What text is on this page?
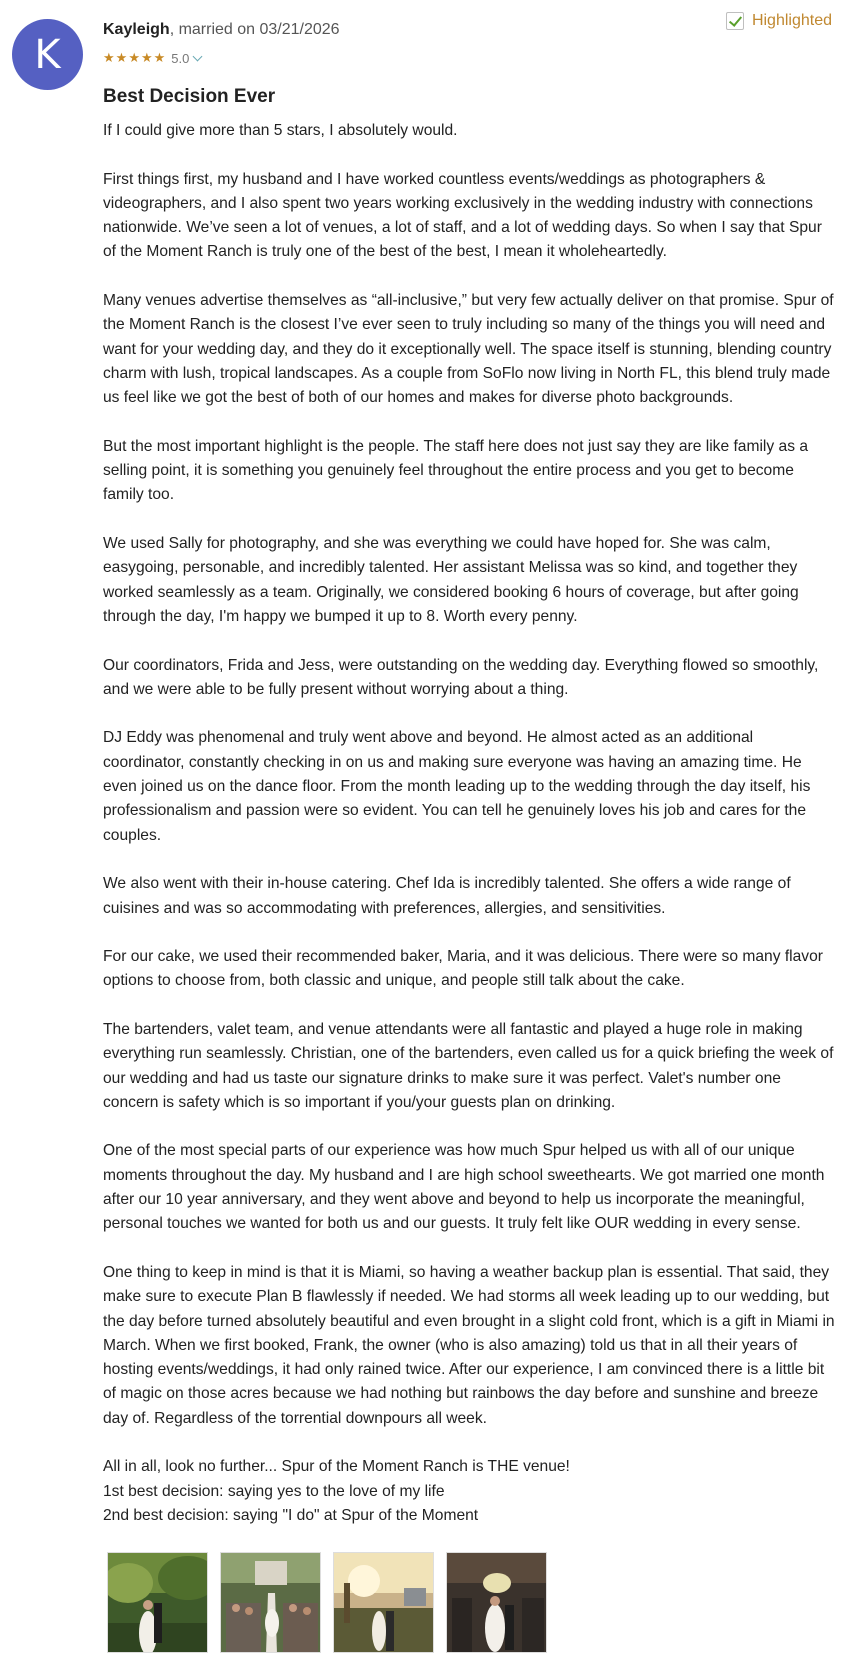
K
Highlighted
Kayleigh, married on 03/21/2026
★ ★ ★ ★ ★ 5.0
Best Decision Ever

If I could give more than 5 stars, I absolutely would.

First things first, my husband and I have worked countless events/weddings as photographers & videographers, and I also spent two years working exclusively in the wedding industry with connections nationwide. We’ve seen a lot of venues, a lot of staff, and a lot of wedding days. So when I say that Spur of the Moment Ranch is truly one of the best of the best, I mean it wholeheartedly.

Many venues advertise themselves as “all-inclusive,” but very few actually deliver on that promise. Spur of the Moment Ranch is the closest I’ve ever seen to truly including so many of the things you will need and want for your wedding day, and they do it exceptionally well. The space itself is stunning, blending country charm with lush, tropical landscapes. As a couple from SoFlo now living in North FL, this blend truly made us feel like we got the best of both of our homes and makes for diverse photo backgrounds.

But the most important highlight is the people. The staff here does not just say they are like family as a selling point, it is something you genuinely feel throughout the entire process and you get to become family too.

We used Sally for photography, and she was everything we could have hoped for. She was calm, easygoing, personable, and incredibly talented. Her assistant Melissa was so kind, and together they worked seamlessly as a team. Originally, we considered booking 6 hours of coverage, but after going through the day, I'm happy we bumped it up to 8. Worth every penny.

Our coordinators, Frida and Jess, were outstanding on the wedding day. Everything flowed so smoothly, and we were able to be fully present without worrying about a thing.

DJ Eddy was phenomenal and truly went above and beyond. He almost acted as an additional coordinator, constantly checking in on us and making sure everyone was having an amazing time. He even joined us on the dance floor. From the month leading up to the wedding through the day itself, his professionalism and passion were so evident. You can tell he genuinely loves his job and cares for the couples.

We also went with their in-house catering. Chef Ida is incredibly talented. She offers a wide range of cuisines and was so accommodating with preferences, allergies, and sensitivities.

For our cake, we used their recommended baker, Maria, and it was delicious. There were so many flavor options to choose from, both classic and unique, and people still talk about the cake.

The bartenders, valet team, and venue attendants were all fantastic and played a huge role in making everything run seamlessly. Christian, one of the bartenders, even called us for a quick briefing the week of our wedding and had us taste our signature drinks to make sure it was perfect. Valet's number one concern is safety which is so important if you/your guests plan on drinking.

One of the most special parts of our experience was how much Spur helped us with all of our unique moments throughout the day. My husband and I are high school sweethearts. We got married one month after our 10 year anniversary, and they went above and beyond to help us incorporate the meaningful, personal touches we wanted for both us and our guests. It truly felt like OUR wedding in every sense.

One thing to keep in mind is that it is Miami, so having a weather backup plan is essential. That said, they make sure to execute Plan B flawlessly if needed. We had storms all week leading up to our wedding, but the day before turned absolutely beautiful and even brought in a slight cold front, which is a gift in Miami in March. When we first booked, Frank, the owner (who is also amazing) told us that in all their years of hosting events/weddings, it had only rained twice. After our experience, I am convinced there is a little bit of magic on those acres because we had nothing but rainbows the day before and sunshine and breeze day of. Regardless of the torrential downpours all week.

All in all, look no further... Spur of the Moment Ranch is THE venue!
1st best decision: saying yes to the love of my life
2nd best decision: saying "I do" at Spur of the Moment
